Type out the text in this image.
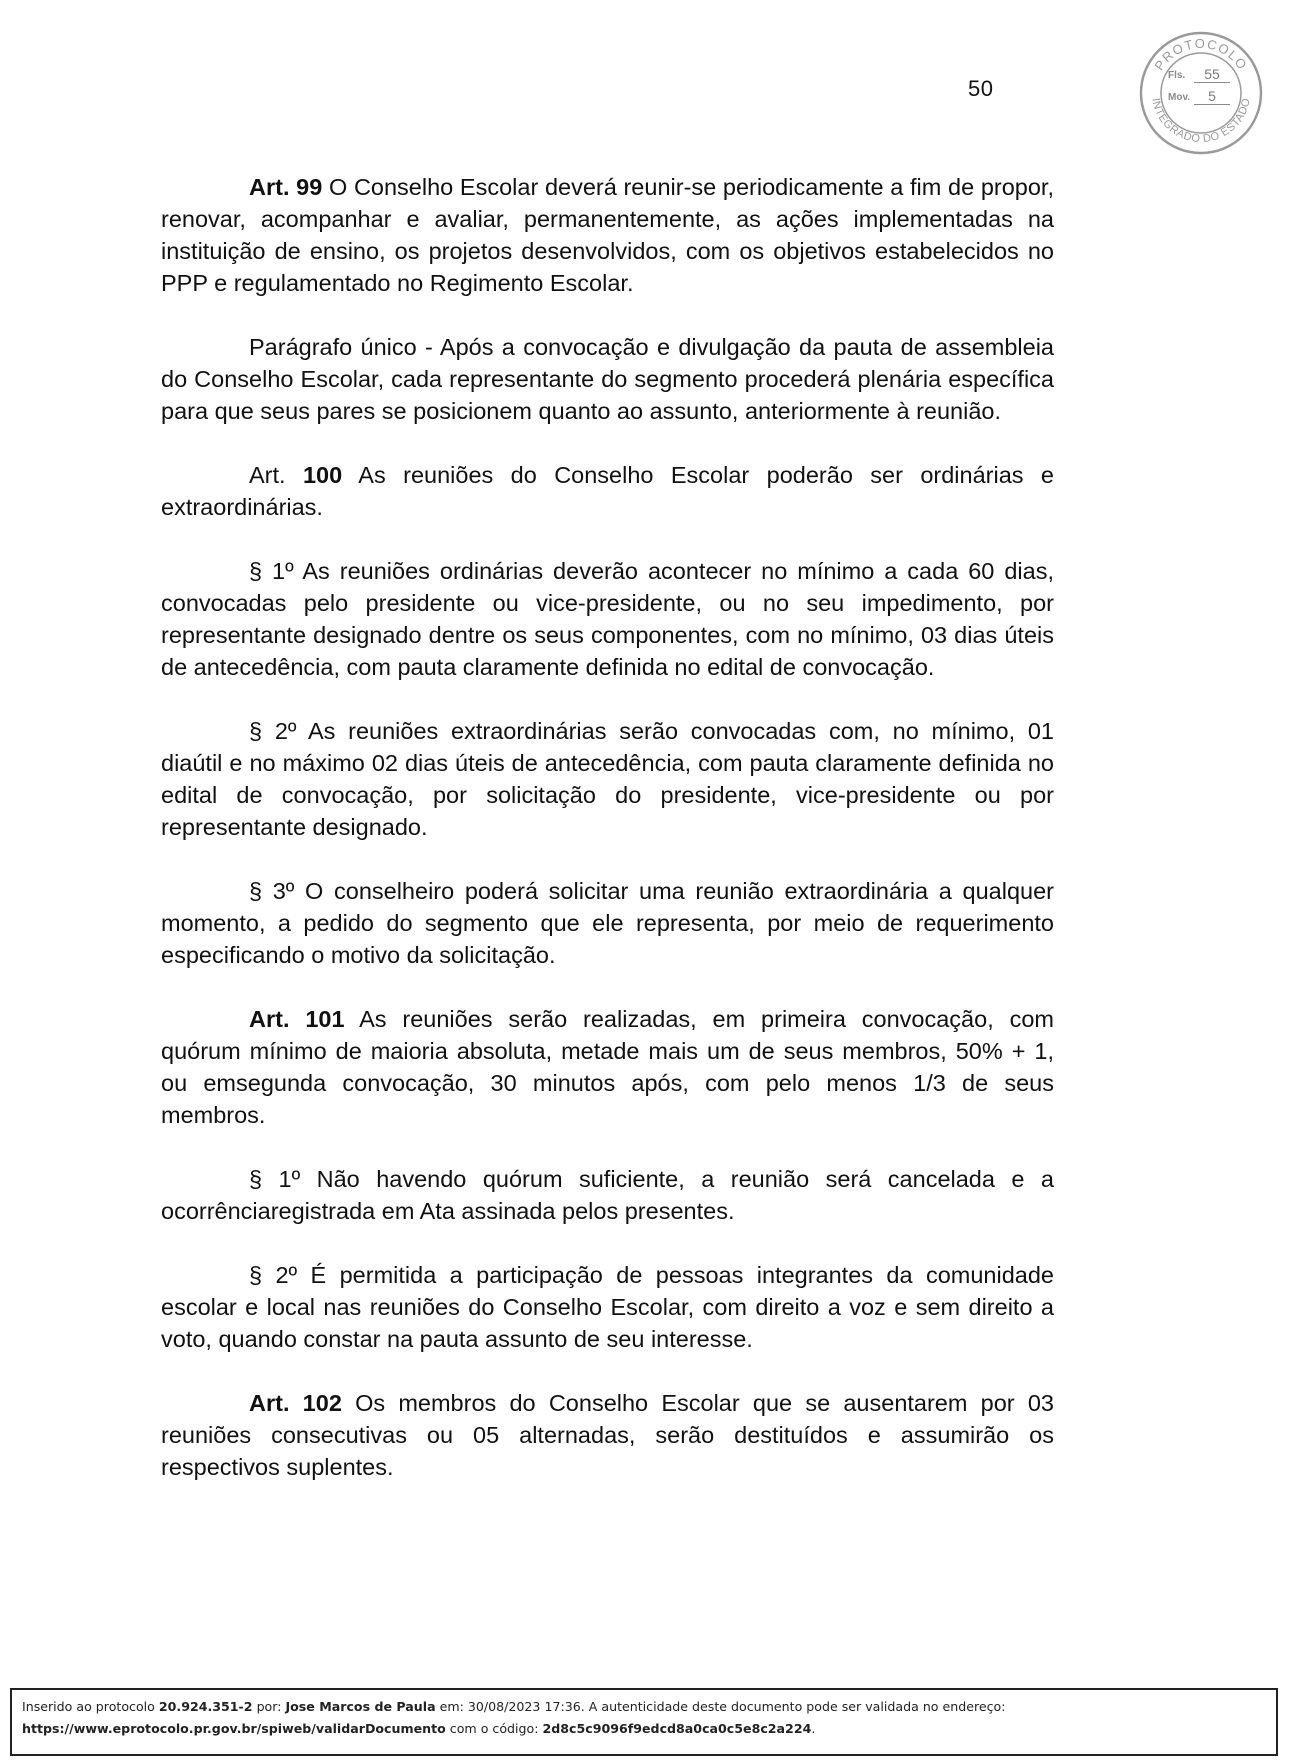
50
PROTOCOLO
INTEGRADO DO ESTADO
Fls.	55
Mov.	5

Art. 99 O Conselho Escolar deverá reunir-se periodicamente a fim de propor, renovar, acompanhar e avaliar, permanentemente, as ações implementadas na instituição de ensino, os projetos desenvolvidos, com os objetivos estabelecidos no PPP e regulamentado no Regimento Escolar.

Parágrafo único - Após a convocação e divulgação da pauta de assembleia do Conselho Escolar, cada representante do segmento procederá plenária específica para que seus pares se posicionem quanto ao assunto, anteriormente à reunião.

Art. 100 As reuniões do Conselho Escolar poderão ser ordinárias e extraordinárias.

§ 1º As reuniões ordinárias deverão acontecer no mínimo a cada 60 dias, convocadas pelo presidente ou vice-presidente, ou no seu impedimento, por representante designado dentre os seus componentes, com no mínimo, 03 dias úteis de antecedência, com pauta claramente definida no edital de convocação.

§ 2º As reuniões extraordinárias serão convocadas com, no mínimo, 01 diaútil e no máximo 02 dias úteis de antecedência, com pauta claramente definida no edital de convocação, por solicitação do presidente, vice-presidente ou por representante designado.

§ 3º O conselheiro poderá solicitar uma reunião extraordinária a qualquer momento, a pedido do segmento que ele representa, por meio de requerimento especificando o motivo da solicitação.

Art. 101 As reuniões serão realizadas, em primeira convocação, com quórum mínimo de maioria absoluta, metade mais um de seus membros, 50% + 1, ou emsegunda convocação, 30 minutos após, com pelo menos 1/3 de seus membros.

§ 1º Não havendo quórum suficiente, a reunião será cancelada e a ocorrênciaregistrada em Ata assinada pelos presentes.

§ 2º É permitida a participação de pessoas integrantes da comunidade escolar e local nas reuniões do Conselho Escolar, com direito a voz e sem direito a voto, quando constar na pauta assunto de seu interesse.

Art. 102 Os membros do Conselho Escolar que se ausentarem por 03 reuniões consecutivas ou 05 alternadas, serão destituídos e assumirão os respectivos suplentes.

Inserido ao protocolo 20.924.351-2 por: Jose Marcos de Paula em: 30/08/2023 17:36. A autenticidade deste documento pode ser validada no endereço:
https://www.eprotocolo.pr.gov.br/spiweb/validarDocumento com o código: 2d8c5c9096f9edcd8a0ca0c5e8c2a224.
